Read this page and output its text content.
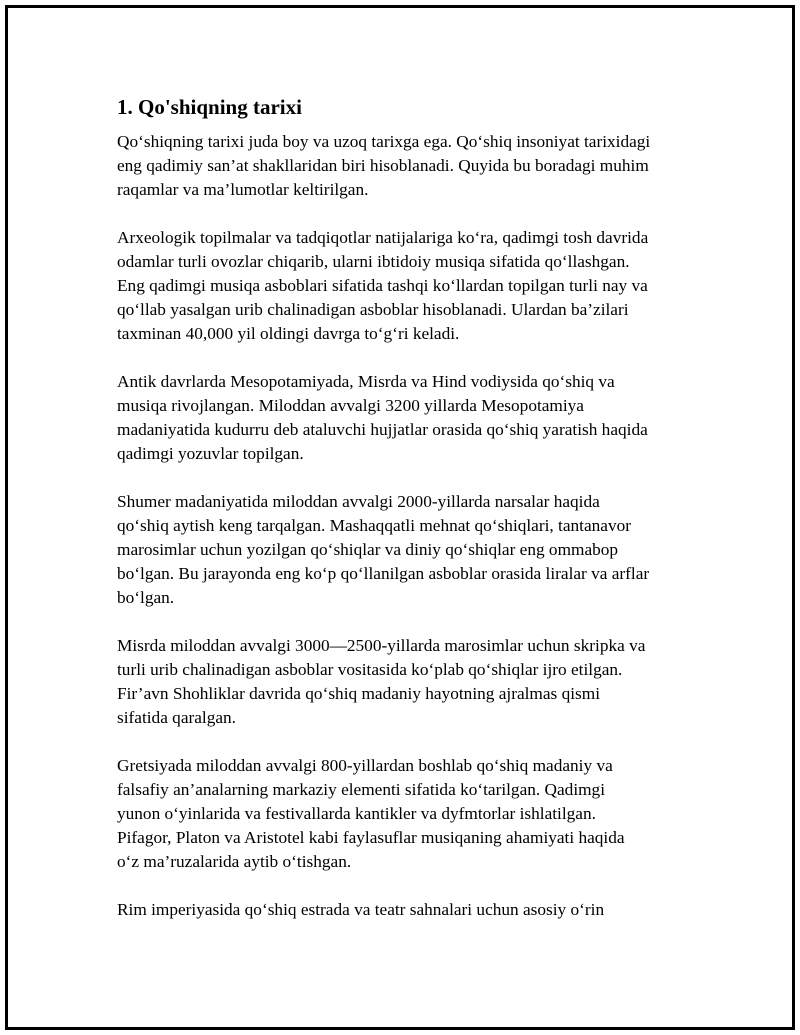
1. Qo'shiqning tarixi
Qoʻshiqning tarixi juda boy va uzoq tarixga ega. Qoʻshiq insoniyat tarixidagi
eng qadimiy san’at shakllaridan biri hisoblanadi. Quyida bu boradagi muhim
raqamlar va ma’lumotlar keltirilgan.
Arxeologik topilmalar va tadqiqotlar natijalariga koʻra, qadimgi tosh davrida
odamlar turli ovozlar chiqarib, ularni ibtidoiy musiqa sifatida qoʻllashgan.
Eng qadimgi musiqa asboblari sifatida tashqi koʻllardan topilgan turli nay va
qoʻllab yasalgan urib chalinadigan asboblar hisoblanadi. Ulardan ba’zilari
taxminan 40,000 yil oldingi davrga toʻgʻri keladi.
Antik davrlarda Mesopotamiyada, Misrda va Hind vodiysida qoʻshiq va
musiqa rivojlangan. Miloddan avvalgi 3200 yillarda Mesopotamiya
madaniyatida kudurru deb ataluvchi hujjatlar orasida qoʻshiq yaratish haqida
qadimgi yozuvlar topilgan.
Shumer madaniyatida miloddan avvalgi 2000-yillarda narsalar haqida
qoʻshiq aytish keng tarqalgan. Mashaqqatli mehnat qoʻshiqlari, tantanavor
marosimlar uchun yozilgan qoʻshiqlar va diniy qoʻshiqlar eng ommabop
boʻlgan. Bu jarayonda eng koʻp qoʻllanilgan asboblar orasida liralar va arflar
boʻlgan.
Misrda miloddan avvalgi 3000—2500-yillarda marosimlar uchun skripka va
turli urib chalinadigan asboblar vositasida koʻplab qoʻshiqlar ijro etilgan.
Fir’avn Shohliklar davrida qoʻshiq madaniy hayotning ajralmas qismi
sifatida qaralgan.
Gretsiyada miloddan avvalgi 800-yillardan boshlab qoʻshiq madaniy va
falsafiy an’analarning markaziy elementi sifatida koʻtarilgan. Qadimgi
yunon oʻyinlarida va festivallarda kantikler va dyfmtorlar ishlatilgan.
Pifagor, Platon va Aristotel kabi faylasuflar musiqaning ahamiyati haqida
oʻz ma’ruzalarida aytib oʻtishgan.
Rim imperiyasida qoʻshiq estrada va teatr sahnalari uchun asosiy oʻrin
